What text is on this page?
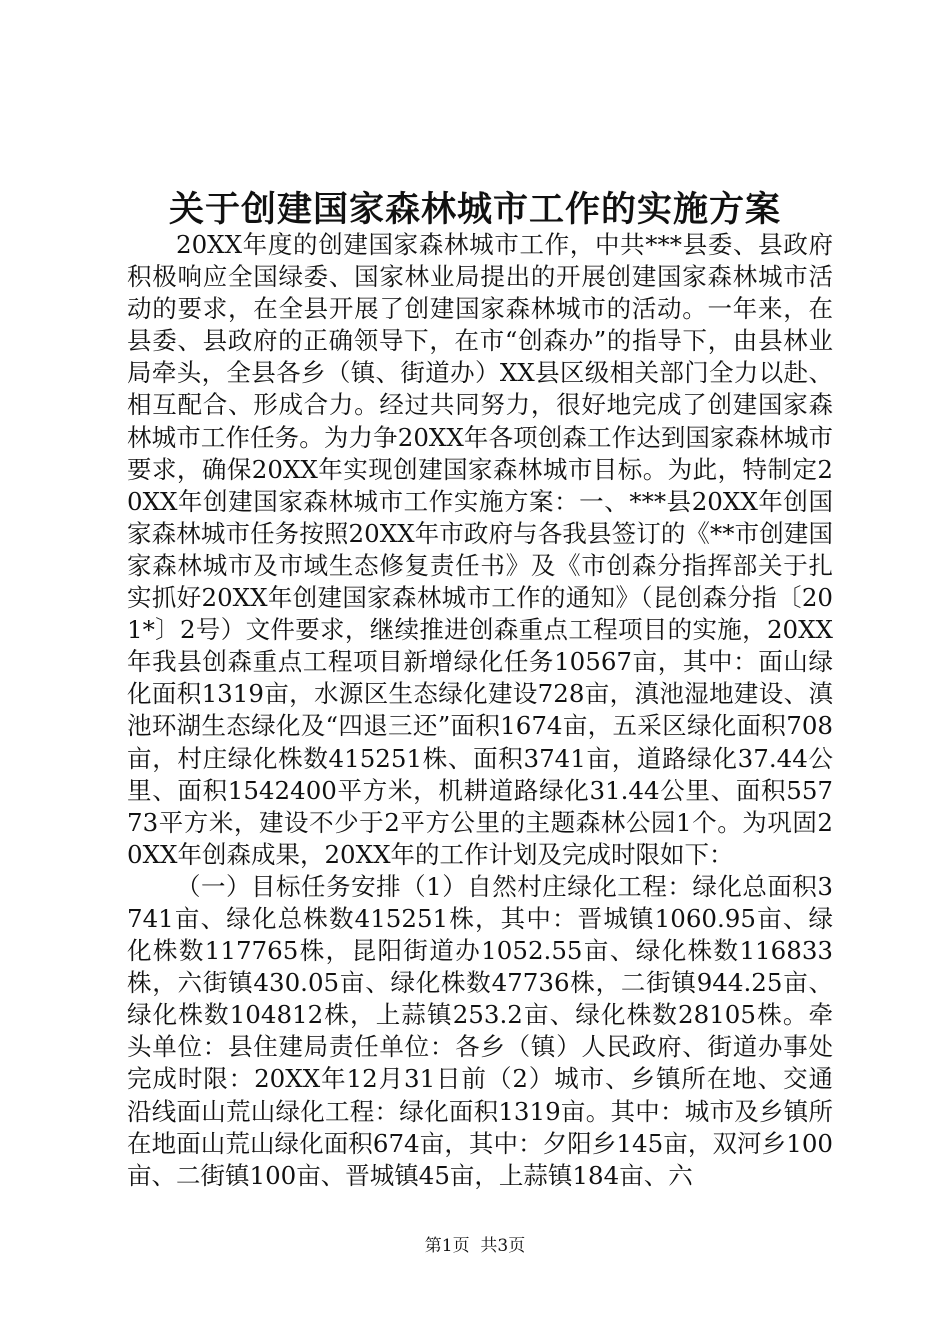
关于创建国家森林城市工作的实施方案

20XX年度的创建国家森林城市工作，中共***县委、县政府积极响应全国绿委、国家林业局提出的开展创建国家森林城市活动的要求，在全县开展了创建国家森林城市的活动。一年来，在县委、县政府的正确领导下，在市“创森办”的指导下，由县林业局牵头，全县各乡（镇、街道办）XX县区级相关部门全力以赴、相互配合、形成合力。经过共同努力，很好地完成了创建国家森林城市工作任务。为力争20XX年各项创森工作达到国家森林城市要求，确保20XX年实现创建国家森林城市目标。为此，特制定20XX年创建国家森林城市工作实施方案：一、***县20XX年创国家森林城市任务按照20XX年市政府与各我县签订的《**市创建国家森林城市及市域生态修复责任书》及《市创森分指挥部关于扎实抓好20XX年创建国家森林城市工作的通知》（昆创森分指〔201*〕2号）文件要求，继续推进创森重点工程项目的实施，20XX年我县创森重点工程项目新增绿化任务10567亩，其中：面山绿化面积1319亩，水源区生态绿化建设728亩，滇池湿地建设、滇池环湖生态绿化及“四退三还”面积1674亩，五采区绿化面积708亩，村庄绿化株数415251株、面积3741亩，道路绿化37.44公里、面积1542400平方米，机耕道路绿化31.44公里、面积55773平方米，建设不少于2平方公里的主题森林公园1个。为巩固20XX年创森成果，20XX年的工作计划及完成时限如下：

（一）目标任务安排（1）自然村庄绿化工程：绿化总面积3741亩、绿化总株数415251株，其中：晋城镇1060.95亩、绿化株数117765株，昆阳街道办1052.55亩、绿化株数116833株，六街镇430.05亩、绿化株数47736株，二街镇944.25亩、绿化株数104812株，上蒜镇253.2亩、绿化株数28105株。牵头单位：县住建局责任单位：各乡（镇）人民政府、街道办事处完成时限：20XX年12月31日前（2）城市、乡镇所在地、交通沿线面山荒山绿化工程：绿化面积1319亩。其中：城市及乡镇所在地面山荒山绿化面积674亩，其中：夕阳乡145亩，双河乡100亩、二街镇100亩、晋城镇45亩，上蒜镇184亩、六

第1页 共3页
